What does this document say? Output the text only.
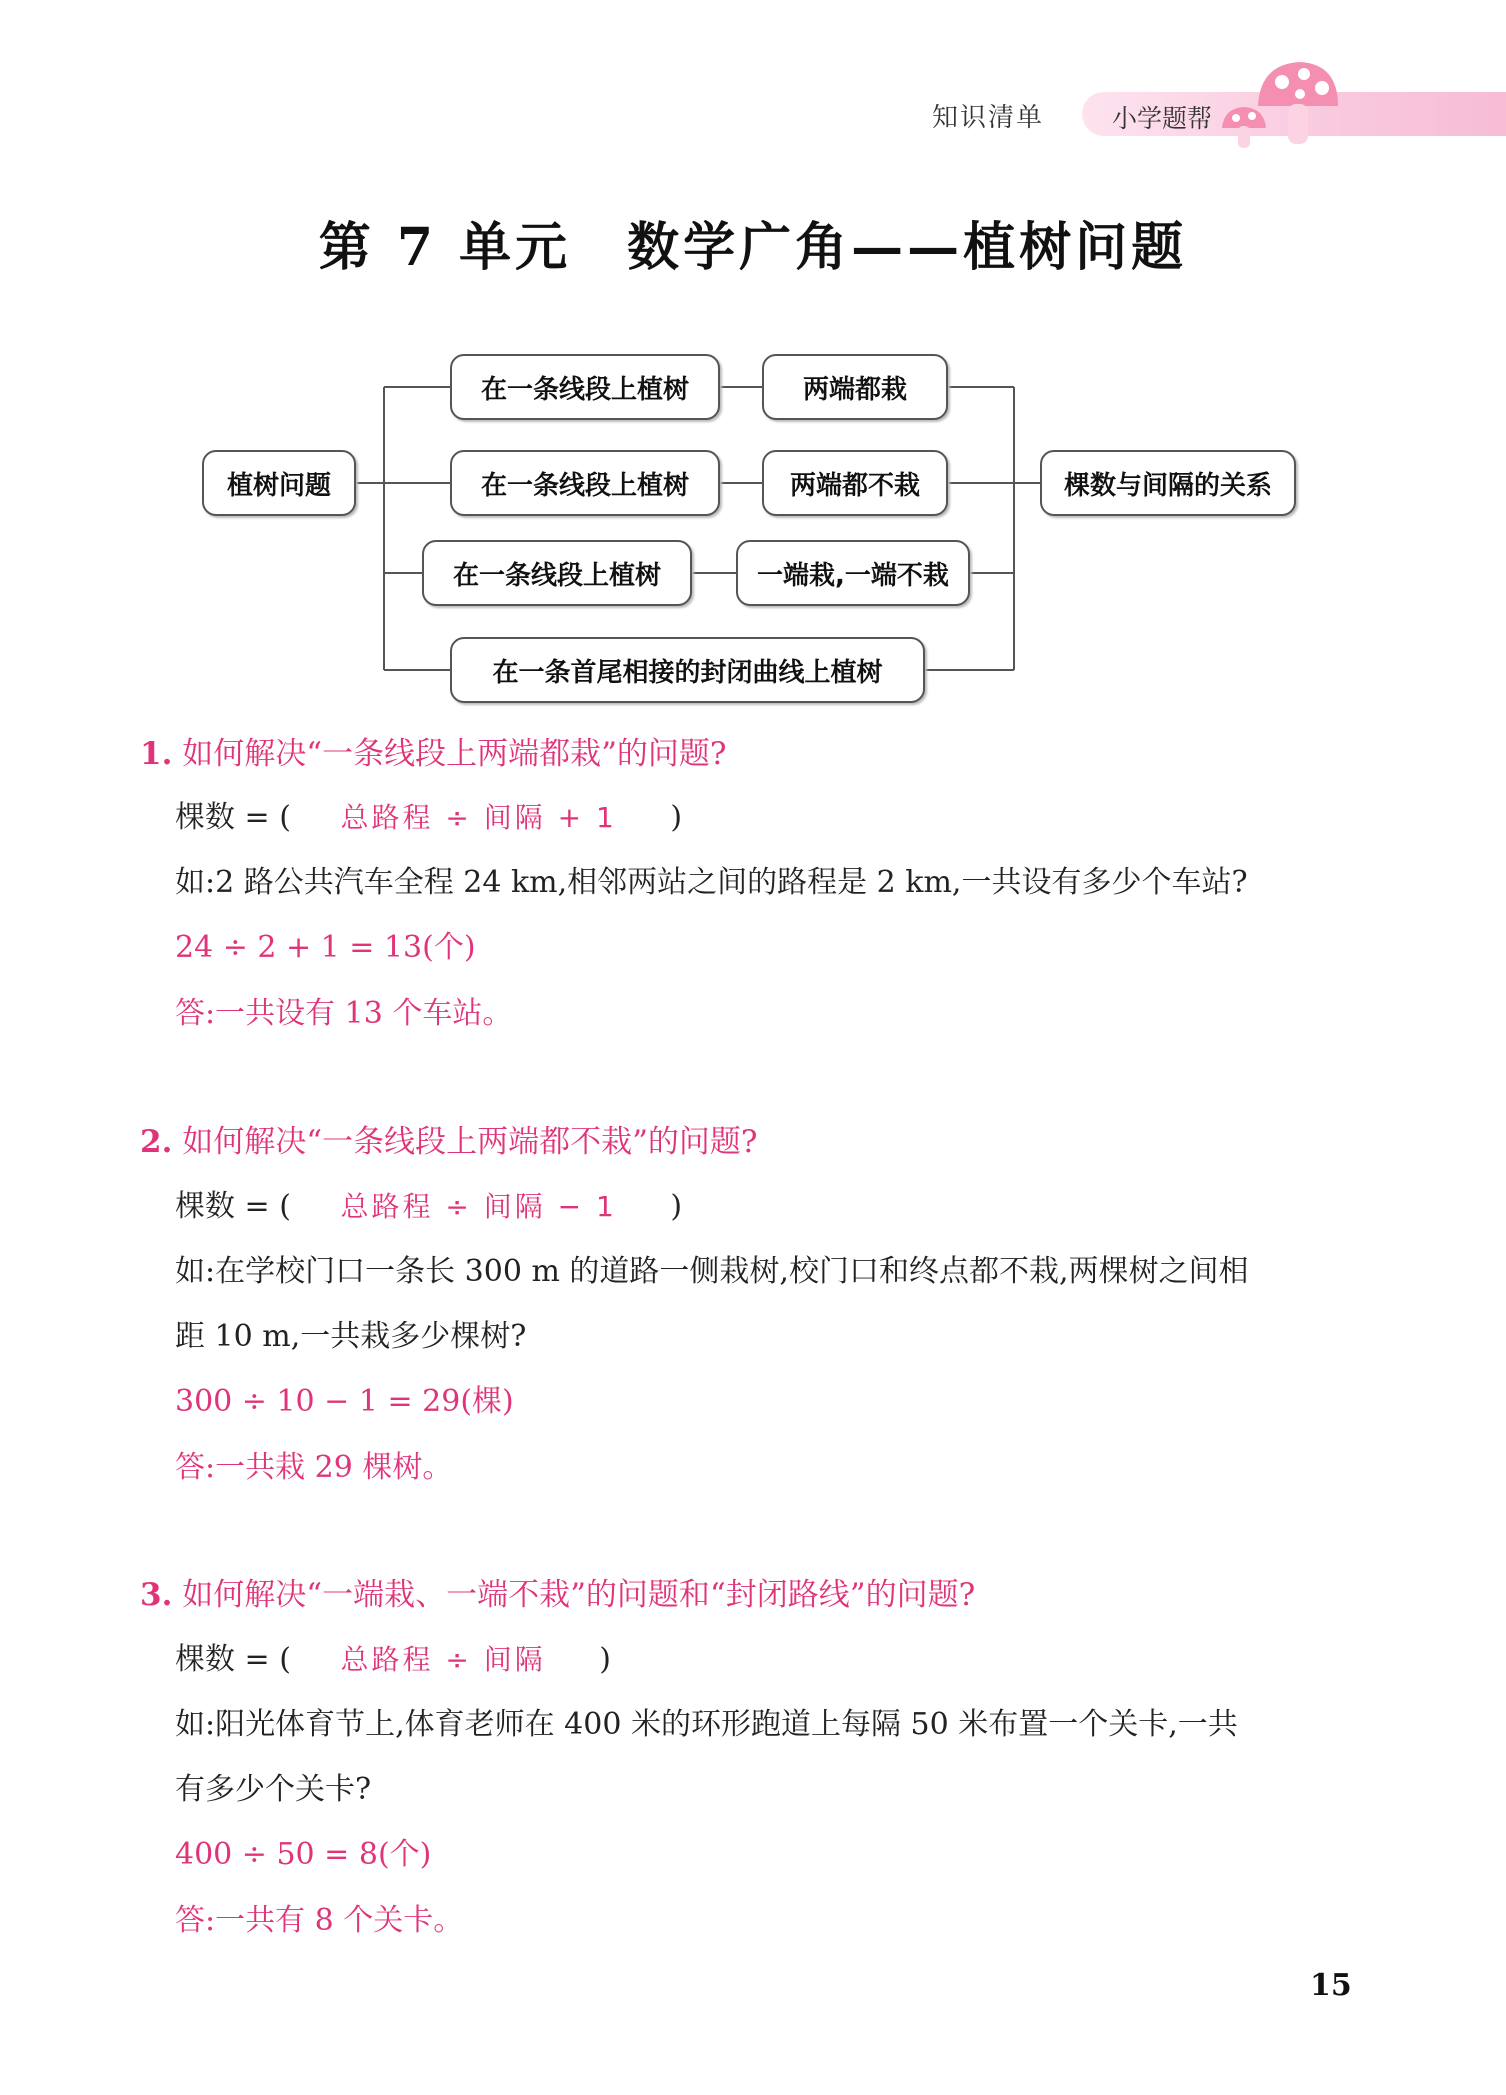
知识清单	小学题帮
第 7 单元　数学广角——植树问题
植树问题
在一条线段上植树	两端都栽
在一条线段上植树	两端都不栽
在一条线段上植树	一端栽,一端不栽
在一条首尾相接的封闭曲线上植树
棵数与间隔的关系
1. 如何解决“一条线段上两端都栽”的问题?
棵数 = ( 总路程 ÷ 间隔 + 1 )
如:2 路公共汽车全程 24 km,相邻两站之间的路程是 2 km,一共设有多少个车站?
24 ÷ 2 + 1 = 13(个)
答:一共设有 13 个车站。
2. 如何解决“一条线段上两端都不栽”的问题?
棵数 = ( 总路程 ÷ 间隔 − 1 )
如:在学校门口一条长 300 m 的道路一侧栽树,校门口和终点都不栽,两棵树之间相
距 10 m,一共栽多少棵树?
300 ÷ 10 − 1 = 29(棵)
答:一共栽 29 棵树。
3. 如何解决“一端栽、一端不栽”的问题和“封闭路线”的问题?
棵数 = ( 总路程 ÷ 间隔 )
如:阳光体育节上,体育老师在 400 米的环形跑道上每隔 50 米布置一个关卡,一共
有多少个关卡?
400 ÷ 50 = 8(个)
答:一共有 8 个关卡。
15
